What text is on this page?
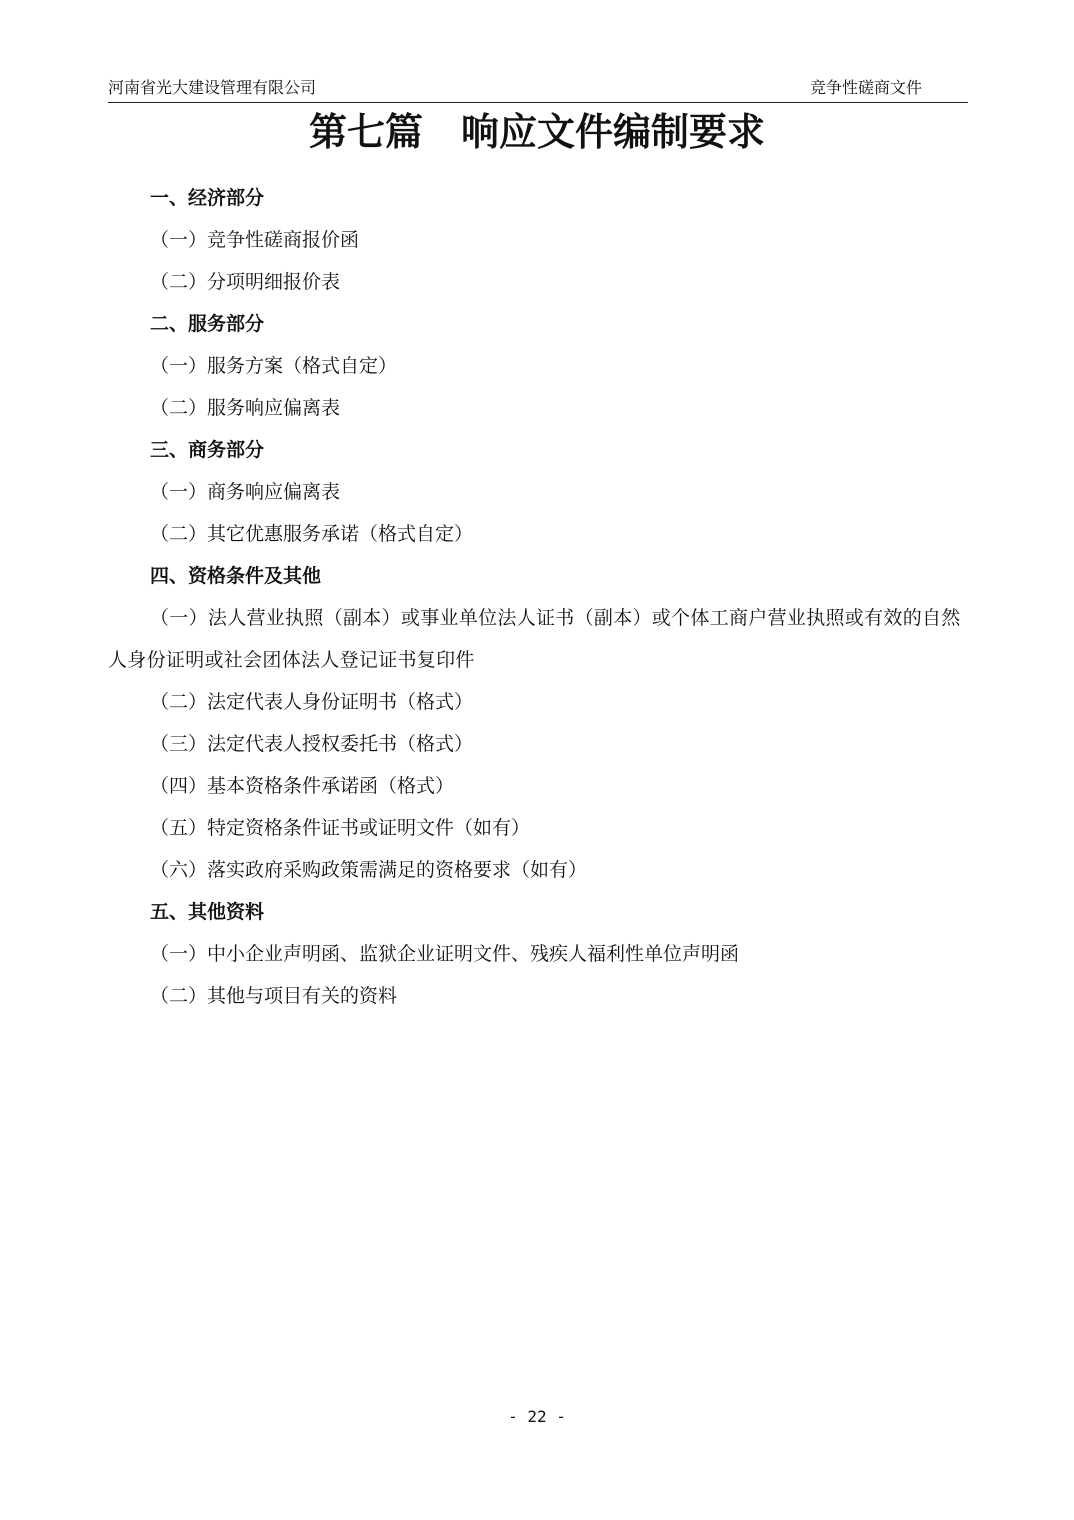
河南省光大建设管理有限公司	竞争性磋商文件
第七篇　响应文件编制要求
一、经济部分
（一）竞争性磋商报价函
（二）分项明细报价表
二、服务部分
（一）服务方案（格式自定）
（二）服务响应偏离表
三、商务部分
（一）商务响应偏离表
（二）其它优惠服务承诺（格式自定）
四、资格条件及其他

（一）法人营业执照（副本）或事业单位法人证书（副本）或个体工商户营业执照或有效的自然人身份证明或社会团体法人登记证书复印件

（二）法定代表人身份证明书（格式）
（三）法定代表人授权委托书（格式）
（四）基本资格条件承诺函（格式）
（五）特定资格条件证书或证明文件（如有）
（六）落实政府采购政策需满足的资格要求（如有）
五、其他资料
（一）中小企业声明函、监狱企业证明文件、残疾人福利性单位声明函
（二）其他与项目有关的资料
- 22 -
